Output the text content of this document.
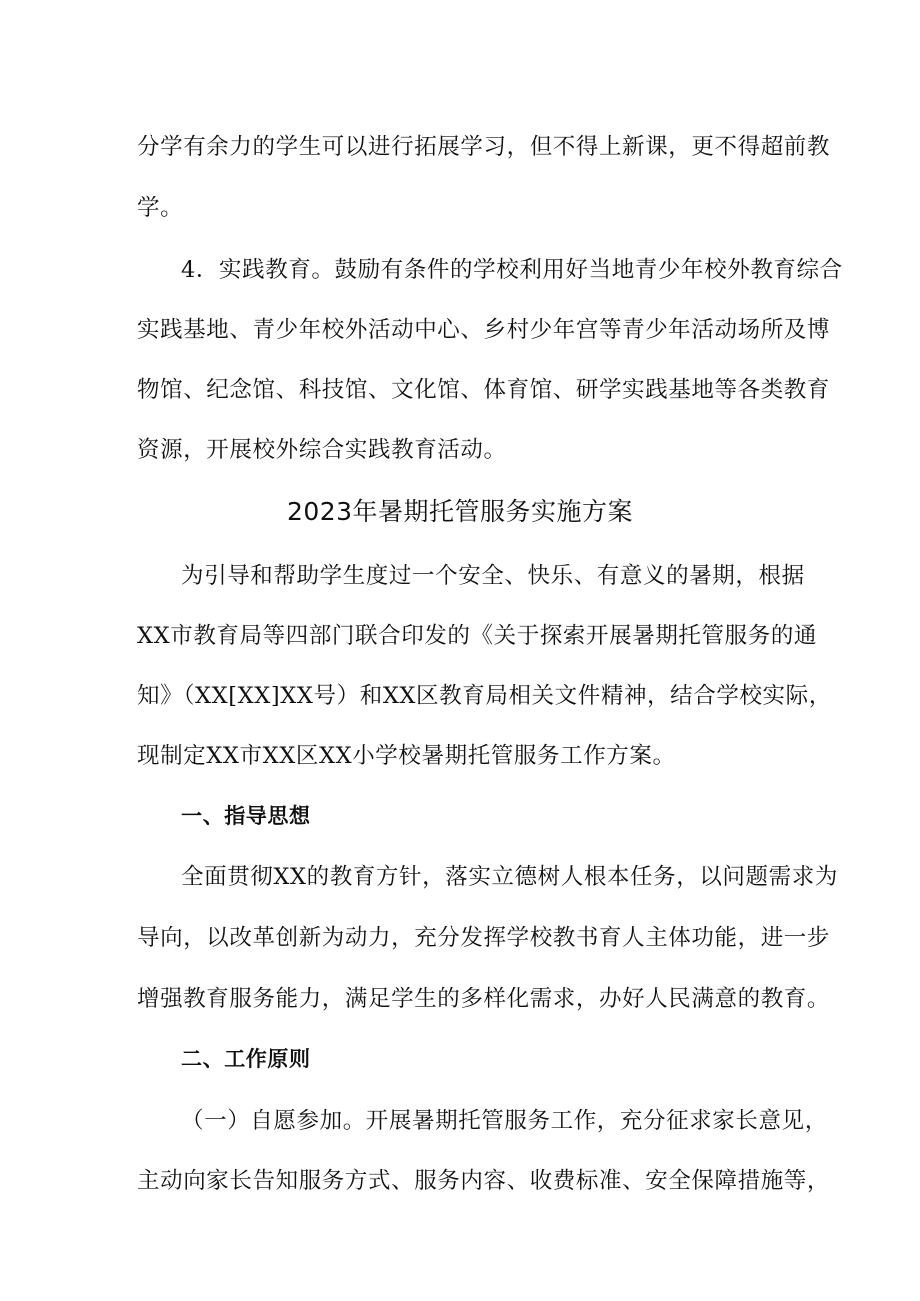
分学有余力的学生可以进行拓展学习，但不得上新课，更不得超前教
学。
4．实践教育。鼓励有条件的学校利用好当地青少年校外教育综合
实践基地、青少年校外活动中心、乡村少年宫等青少年活动场所及博
物馆、纪念馆、科技馆、文化馆、体育馆、研学实践基地等各类教育
资源，开展校外综合实践教育活动。
2023年暑期托管服务实施方案
为引导和帮助学生度过一个安全、快乐、有意义的暑期，根据
XX市教育局等四部门联合印发的《关于探索开展暑期托管服务的通
知》（XX[XX]XX号）和XX区教育局相关文件精神，结合学校实际，
现制定XX市XX区XX小学校暑期托管服务工作方案。
一、指导思想
全面贯彻XX的教育方针，落实立德树人根本任务，以问题需求为
导向，以改革创新为动力，充分发挥学校教书育人主体功能，进一步
增强教育服务能力，满足学生的多样化需求，办好人民满意的教育。
二、工作原则
（一）自愿参加。开展暑期托管服务工作，充分征求家长意见，
主动向家长告知服务方式、服务内容、收费标准、安全保障措施等，
